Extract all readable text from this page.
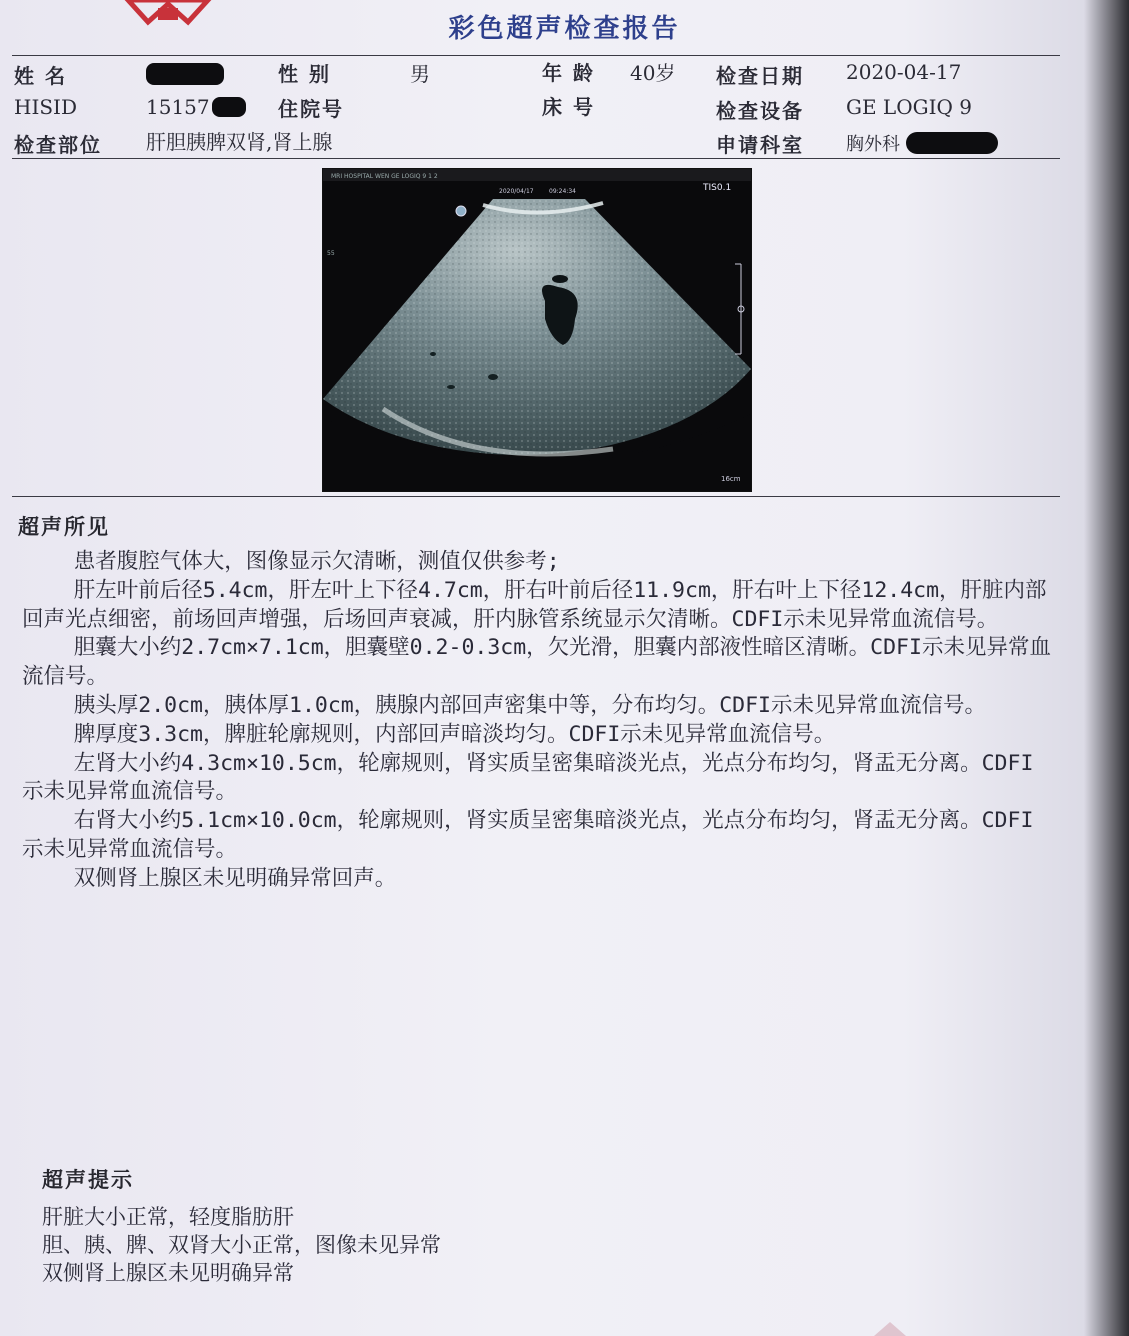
彩色超声检查报告
姓 名	性 别	男	年 龄 40岁 检查日期 2020-04-17
HISID	15157	住院号	床 号	检查设备 GE LOGIQ 9
检查部位 肝胆胰脾双肾,肾上腺	申请科室 胸外科
MRI HOSPITAL WEN GE LOGIQ 9 1 2
2020/04/17	09:24:34	TIS0.1
55
16cm
超声所见

患者腹腔气体大，图像显示欠清晰，测值仅供参考;

肝左叶前后径5.4cm，肝左叶上下径4.7cm，肝右叶前后径11.9cm，肝右叶上下径12.4cm，肝脏内部回声光点细密，前场回声增强，后场回声衰减，肝内脉管系统显示欠清晰。CDFI示未见异常血流信号。

胆囊大小约2.7cm×7.1cm，胆囊壁0.2-0.3cm，欠光滑，胆囊内部液性暗区清晰。CDFI示未见异常血流信号。

胰头厚2.0cm，胰体厚1.0cm，胰腺内部回声密集中等，分布均匀。CDFI示未见异常血流信号。

脾厚度3.3cm，脾脏轮廓规则，内部回声暗淡均匀。CDFI示未见异常血流信号。

左肾大小约4.3cm×10.5cm，轮廓规则，肾实质呈密集暗淡光点，光点分布均匀，肾盂无分离。CDFI示未见异常血流信号。

右肾大小约5.1cm×10.0cm，轮廓规则，肾实质呈密集暗淡光点，光点分布均匀，肾盂无分离。CDFI示未见异常血流信号。

双侧肾上腺区未见明确异常回声。

超声提示
肝脏大小正常，轻度脂肪肝
胆、胰、脾、双肾大小正常，图像未见异常
双侧肾上腺区未见明确异常
